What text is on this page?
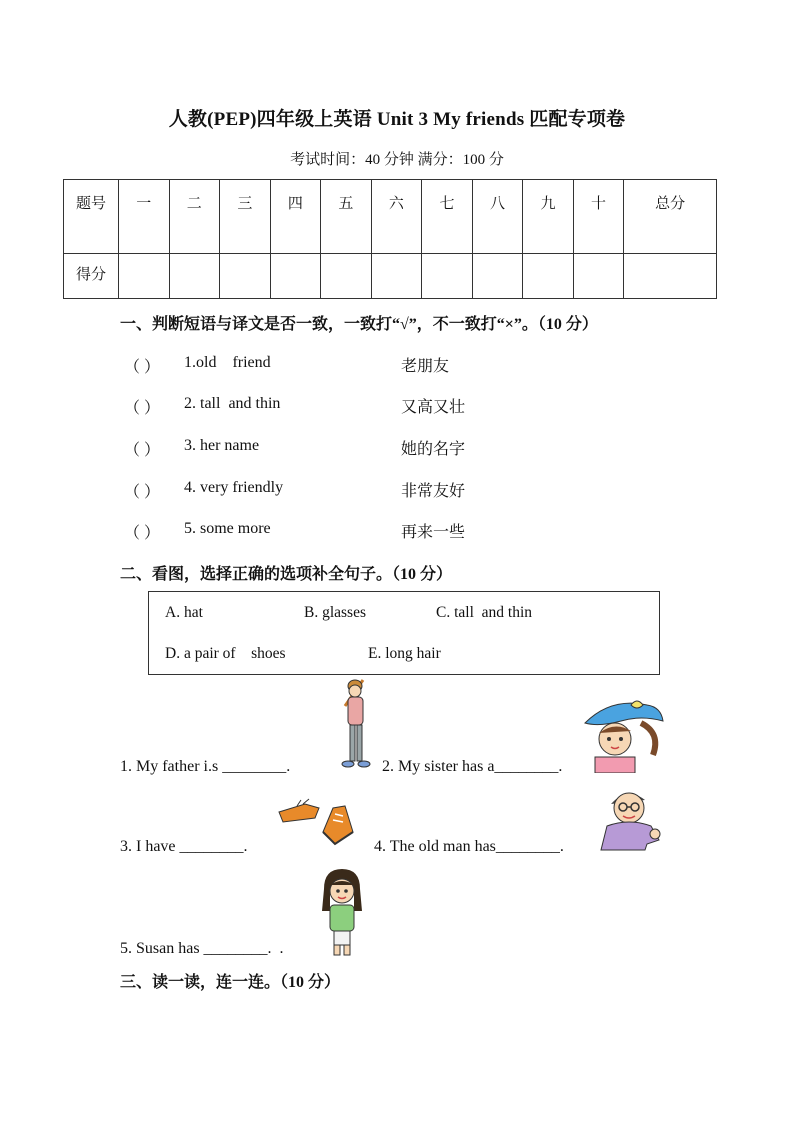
人教(PEP)四年级上英语 Unit 3 My friends 匹配专项卷
考试时间：40 分钟 满分：100 分
题号	一	二	三	四	五	六	七	八	九	十	总分
得分											
一、判断短语与译文是否一致，一致打“√”，不一致打“×”。（10 分）
（ ） 1.old    friend	老朋友
（ ） 2. tall  and thin	又高又壮
（ ） 3. her name	她的名字
（ ） 4. very friendly	非常友好
（ ） 5. some more	再来一些
二、看图，选择正确的选项补全句子。（10 分）
A. hat	B. glasses	C. tall  and thin
D. a pair of    shoes	E. long hair
1. My father i.s ________.	2. My sister has a________.
3. I have ________.	4. The old man has________.
5. Susan has ________.  .
三、读一读，连一连。（10 分）
